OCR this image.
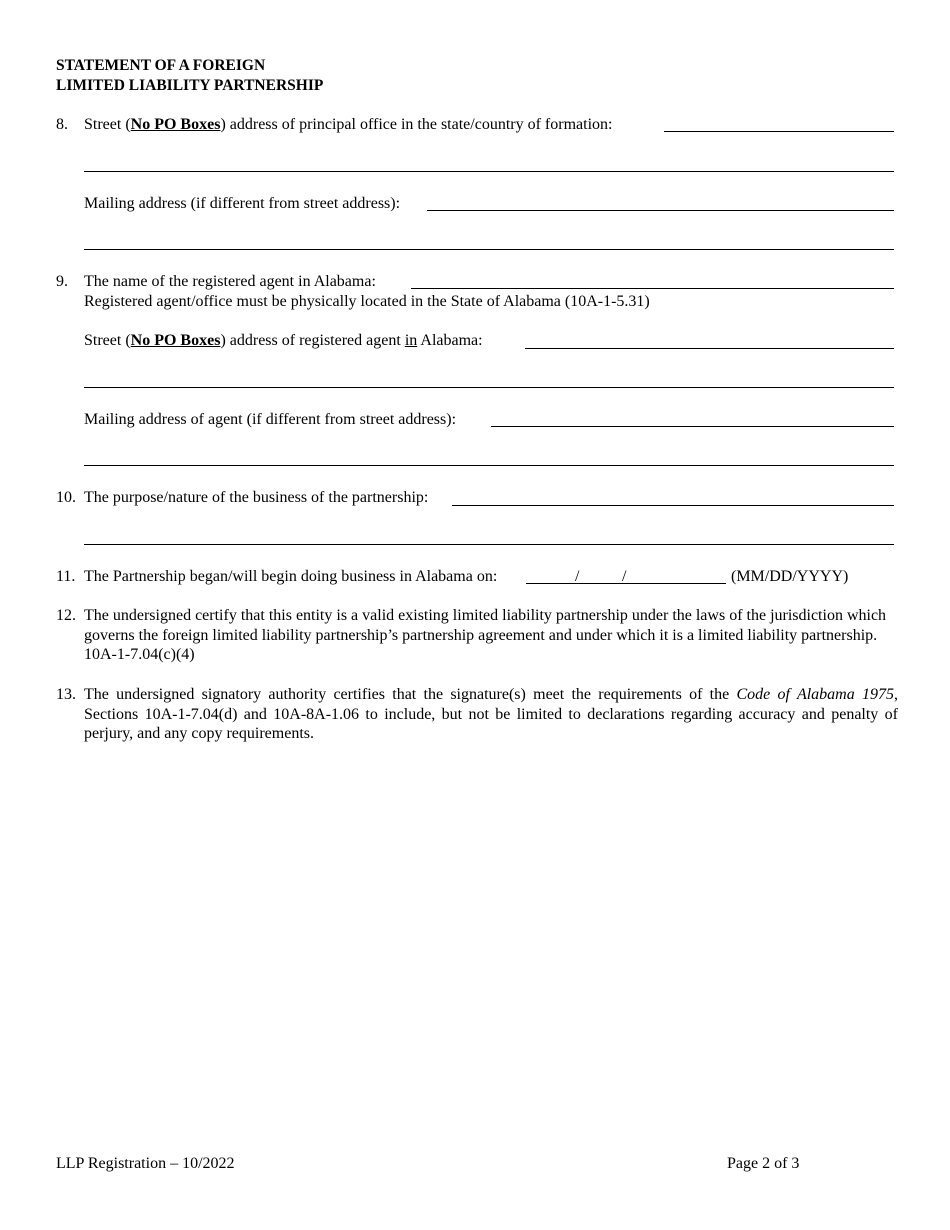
STATEMENT OF A FOREIGN
LIMITED LIABILITY PARTNERSHIP
8. Street (No PO Boxes) address of principal office in the state/country of formation:
Mailing address (if different from street address):
9. The name of the registered agent in Alabama:
Registered agent/office must be physically located in the State of Alabama (10A-1-5.31)
Street (No PO Boxes) address of registered agent in Alabama:
Mailing address of agent (if different from street address):
10. The purpose/nature of the business of the partnership:
11. The Partnership began/will begin doing business in Alabama on:	/	/	(MM/DD/YYYY)
12. The undersigned certify that this entity is a valid existing limited liability partnership under the laws of the jurisdiction which governs the foreign limited liability partnership’s partnership agreement and under which it is a limited liability partnership. 10A-1-7.04(c)(4)
13. The undersigned signatory authority certifies that the signature(s) meet the requirements of the Code of Alabama 1975, Sections 10A-1-7.04(d) and 10A-8A-1.06 to include, but not be limited to declarations regarding accuracy and penalty of perjury, and any copy requirements.
LLP Registration – 10/2022	Page 2 of 3
